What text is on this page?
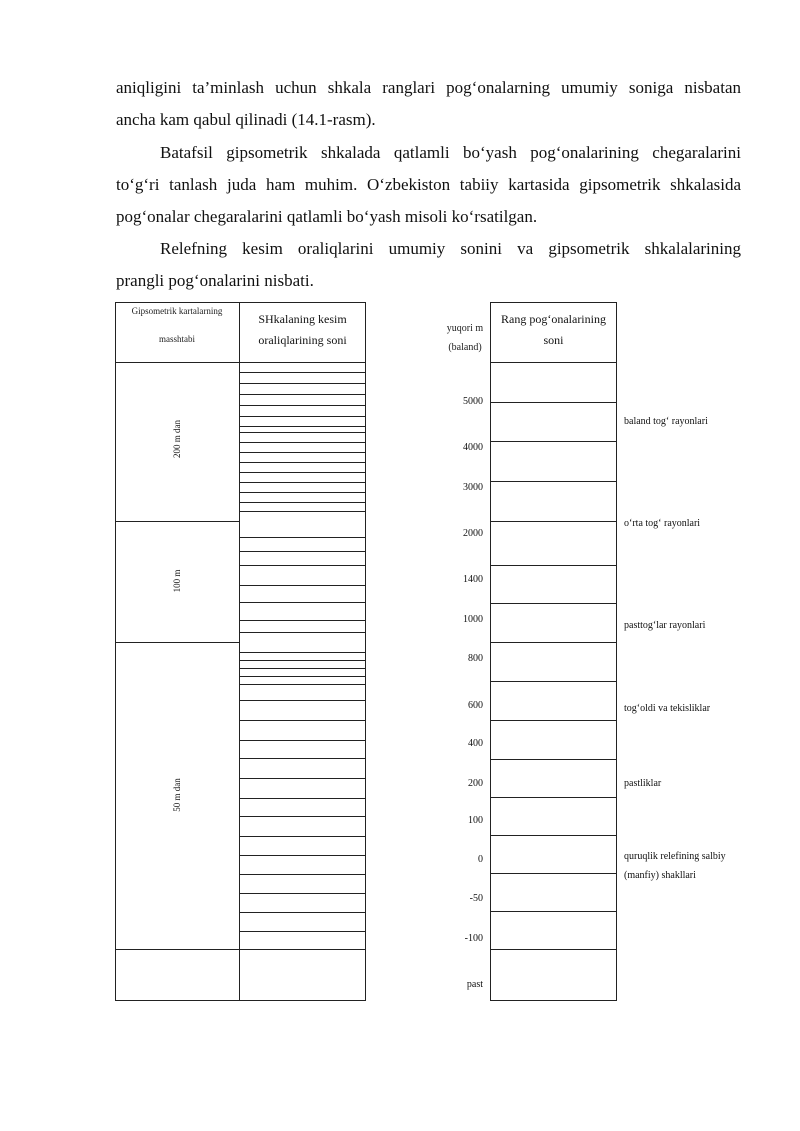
aniqligini ta’minlash uchun shkala ranglari pog‘onalarning umumiy soniga nisbatan

ancha kam qabul qilinadi (14.1-rasm).

Batafsil gipsometrik shkalada qatlamli bo‘yash pog‘onalarining chegaralarini

to‘g‘ri tanlash juda ham muhim. O‘zbekiston tabiiy kartasida gipsometrik shkalasida

pog‘onalar chegaralarini qatlamli bo‘yash misoli ko‘rsatilgan.

Relefning kesim oraliqlarini umumiy sonini va gipsometrik shkalalarining

prangli pog‘onalarini nisbati.

Gipsometrik kartalarning
masshtabi
SHkalaning kesim
oraliqlarining soni
200 m dan
100 m
50 m dan
Rang pog‘onalarining
soni
yuqori m
(baland)
5000
4000
3000
2000
1400
1000
800
600
400
200
100
0
-50
-100
past
baland tog‘ rayonlari
o‘rta tog‘ rayonlari
pasttog‘lar rayonlari
tog‘oldi va tekisliklar
pastliklar
quruqlik relefining salbiy
(manfiy) shakllari
